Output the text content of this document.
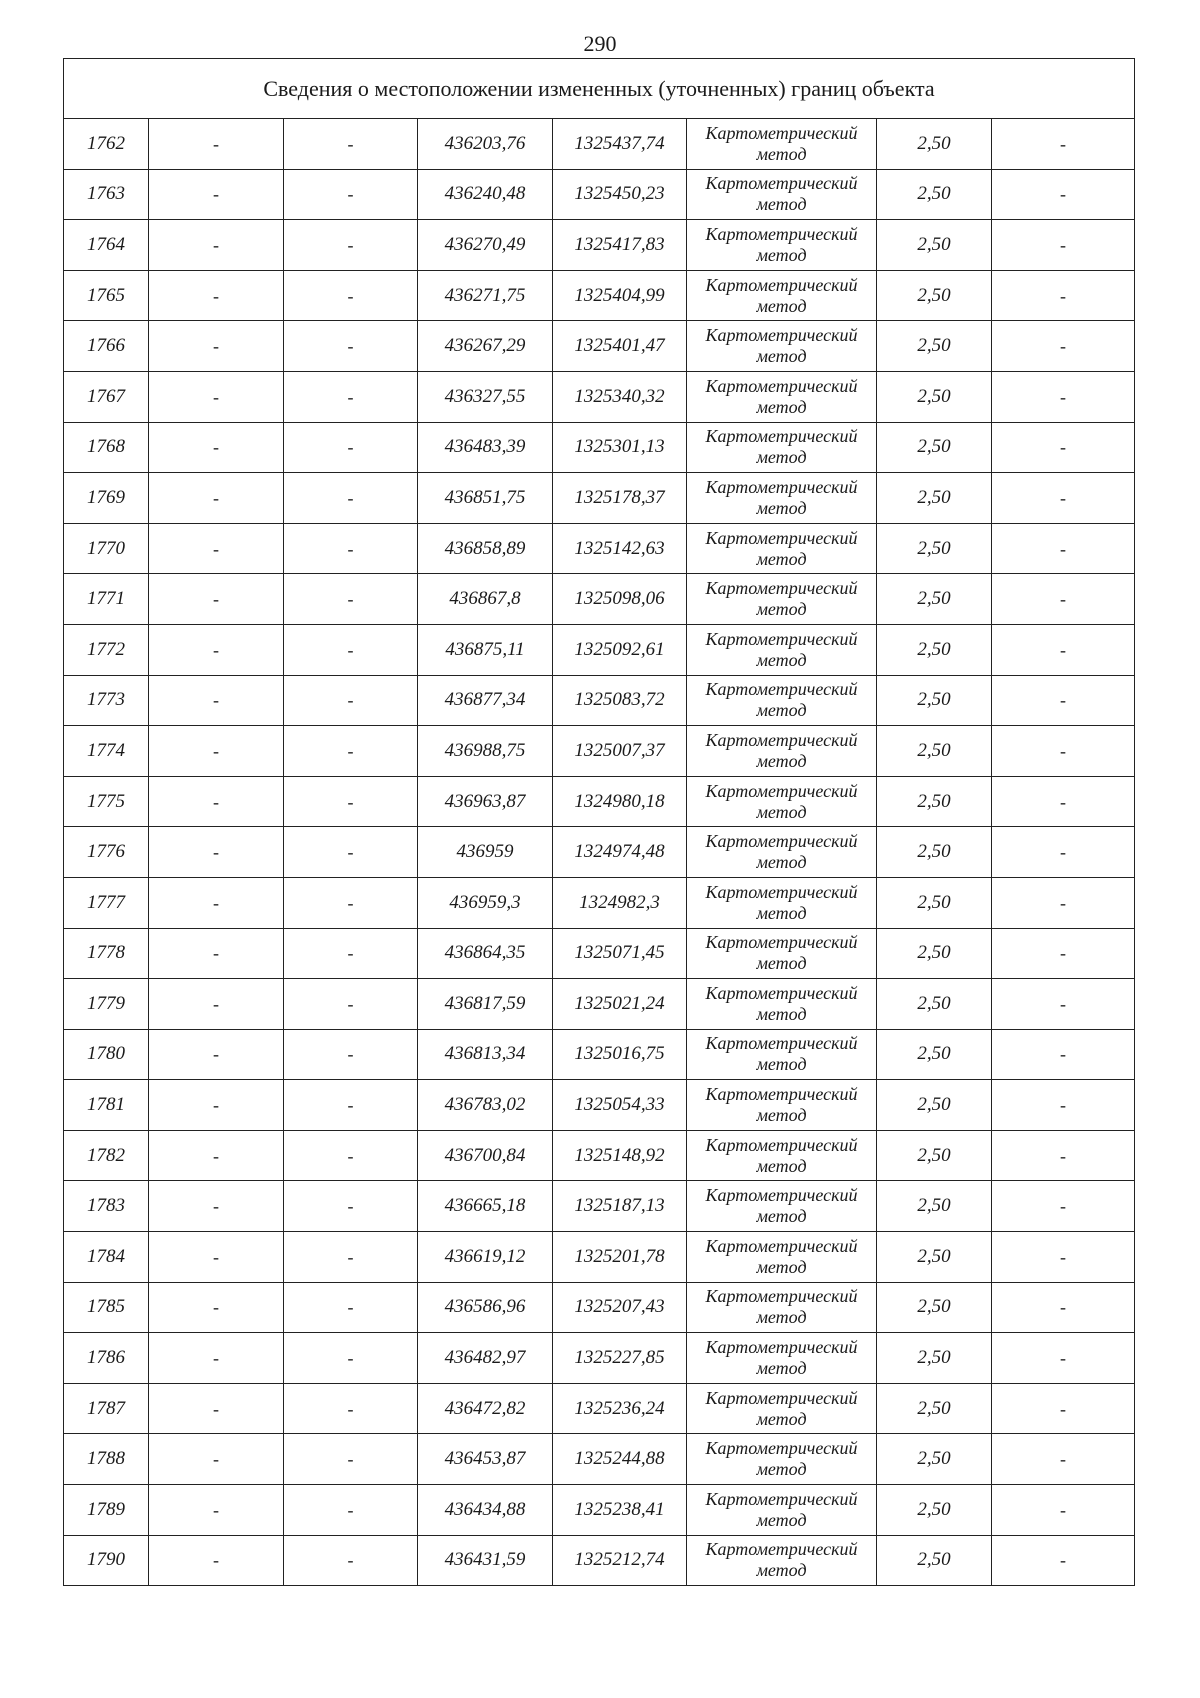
290
Сведения о местоположении измененных (уточненных) границ объекта							
1762	-	-	436203,76	1325437,74	Картометрический
метод	2,50	-
1763	-	-	436240,48	1325450,23	Картометрический
метод	2,50	-
1764	-	-	436270,49	1325417,83	Картометрический
метод	2,50	-
1765	-	-	436271,75	1325404,99	Картометрический
метод	2,50	-
1766	-	-	436267,29	1325401,47	Картометрический
метод	2,50	-
1767	-	-	436327,55	1325340,32	Картометрический
метод	2,50	-
1768	-	-	436483,39	1325301,13	Картометрический
метод	2,50	-
1769	-	-	436851,75	1325178,37	Картометрический
метод	2,50	-
1770	-	-	436858,89	1325142,63	Картометрический
метод	2,50	-
1771	-	-	436867,8	1325098,06	Картометрический
метод	2,50	-
1772	-	-	436875,11	1325092,61	Картометрический
метод	2,50	-
1773	-	-	436877,34	1325083,72	Картометрический
метод	2,50	-
1774	-	-	436988,75	1325007,37	Картометрический
метод	2,50	-
1775	-	-	436963,87	1324980,18	Картометрический
метод	2,50	-
1776	-	-	436959	1324974,48	Картометрический
метод	2,50	-
1777	-	-	436959,3	1324982,3	Картометрический
метод	2,50	-
1778	-	-	436864,35	1325071,45	Картометрический
метод	2,50	-
1779	-	-	436817,59	1325021,24	Картометрический
метод	2,50	-
1780	-	-	436813,34	1325016,75	Картометрический
метод	2,50	-
1781	-	-	436783,02	1325054,33	Картометрический
метод	2,50	-
1782	-	-	436700,84	1325148,92	Картометрический
метод	2,50	-
1783	-	-	436665,18	1325187,13	Картометрический
метод	2,50	-
1784	-	-	436619,12	1325201,78	Картометрический
метод	2,50	-
1785	-	-	436586,96	1325207,43	Картометрический
метод	2,50	-
1786	-	-	436482,97	1325227,85	Картометрический
метод	2,50	-
1787	-	-	436472,82	1325236,24	Картометрический
метод	2,50	-
1788	-	-	436453,87	1325244,88	Картометрический
метод	2,50	-
1789	-	-	436434,88	1325238,41	Картометрический
метод	2,50	-
1790	-	-	436431,59	1325212,74	Картометрический
метод	2,50	-
